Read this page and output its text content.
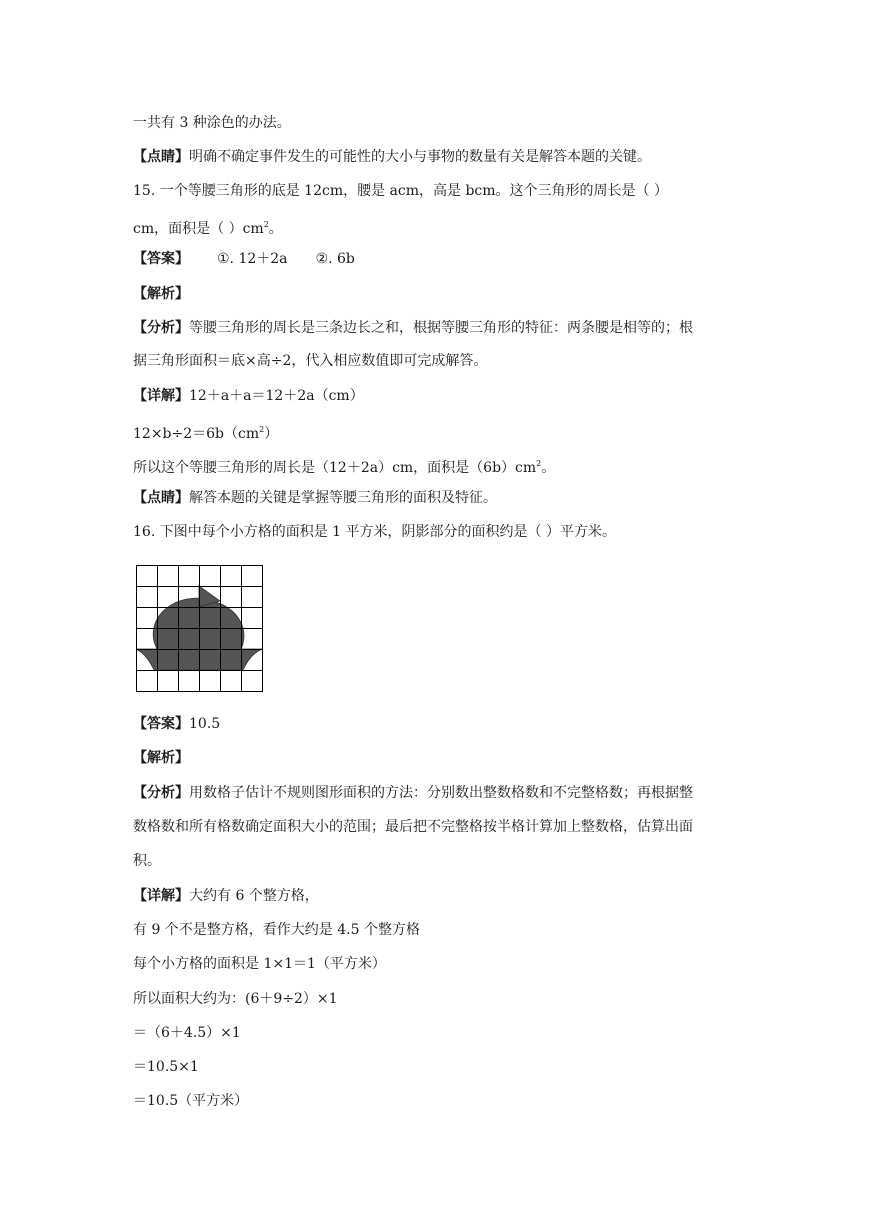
一共有 3 种涂色的办法。
【点睛】明确不确定事件发生的可能性的大小与事物的数量有关是解答本题的关键。
15. 一个等腰三角形的底是 12cm，腰是 acm，高是 bcm。这个三角形的周长是（ ）
cm，面积是（ ）$cm^2$。
【答案】 ①. 12＋2a ②. 6b
【解析】
【分析】等腰三角形的周长是三条边长之和，根据等腰三角形的特征：两条腰是相等的；根
据三角形面积＝底×高÷2，代入相应数值即可完成解答。
【详解】12＋a＋a＝12＋2a（cm）
$12\times b\div 2=6b(cm^2)$
所以这个等腰三角形的周长是（12＋2a）cm，面积是$(6b)cm^2$。
【点睛】解答本题的关键是掌握等腰三角形的面积及特征。
16. 下图中每个小方格的面积是 1 平方米，阴影部分的面积约是（ ）平方米。
【答案】10.5
【解析】
【分析】用数格子估计不规则图形面积的方法：分别数出整数格数和不完整格数；再根据整
数格数和所有格数确定面积大小的范围；最后把不完整格按半格计算加上整数格，估算出面
积。
【详解】大约有 6 个整方格，
有 9 个不是整方格，看作大约是 4.5 个整方格
每个小方格的面积是 1×1＝1（平方米）
所以面积大约为：(6＋9÷2）×1
＝（6＋4.5）×1
＝10.5×1
＝10.5（平方米）
